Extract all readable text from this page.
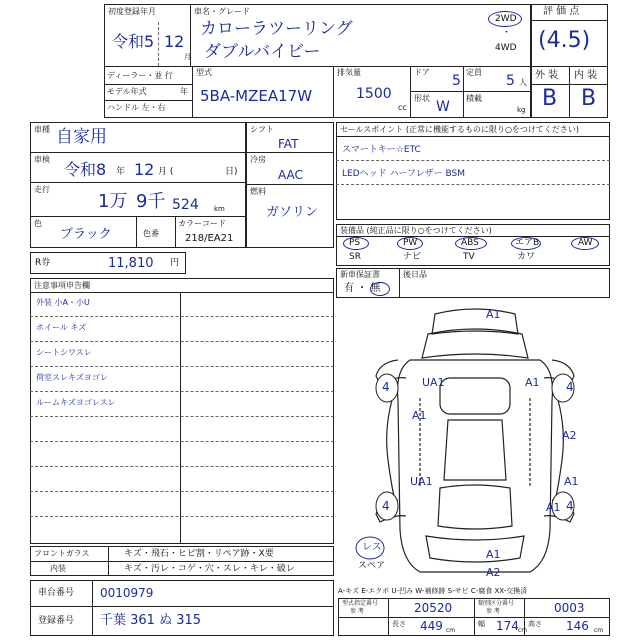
初度登録年月
令和5 12
月
車名・グレード
カローラツーリング
ダブルバイビー
2WD
・
4WD
ディーラー・並 行
モデル年式	年
ハンドル 左・右
型式
5BA-MZEA17W
排気量
1500
cc
ドア
5
定員
5 人
形状
W
積載
kg
評 価 点
(4.5)
外 装 内 装
B B
車種 自家用
車検
令和8 年 12 月 (	日)
走行
1万 9千 524 km
色
ブラック	色番
カラーコード
218/EA21
シフト
FAT
冷房
AAC
燃料
ガソリン
R券	11,810 円
セールスポイント (正常に機能するものに限り○をつけてください)
スマートキー☆ETC
LEDヘッド ハーフレザー BSM
装備品 (純正品に限り○をつけてください)
PS	PW	ABS	エアB	AW
SR	ナビ	TV	カワ
新車保証書	後日品
有 ・ 無
注意事項申告欄
外装 小A・小U
ホイール キズ
シートシワスレ
荷室スレキズヨゴレ
ルームキズヨゴレスレ
フロントガラス	キズ・飛石・ヒビ割・リペア跡・X要
内装	キズ・汚レ・コゲ・穴・スレ・キレ・破レ
車台番号 0010979
登録番号 千葉 361 ぬ 315
A1
4	UA1	A1 4
A1
A2
UA1	A1
4	A1 4
A1
A2
レス
スペア
A-キズ E-エクボ U-凹み W-補修跡 S-サビ C-腐食 XX-交換済
型式指定番号
参 考	20520	類別区分番号
参 考	0003
長さ 449 cm
幅 174 cm
高さ 146 cm
